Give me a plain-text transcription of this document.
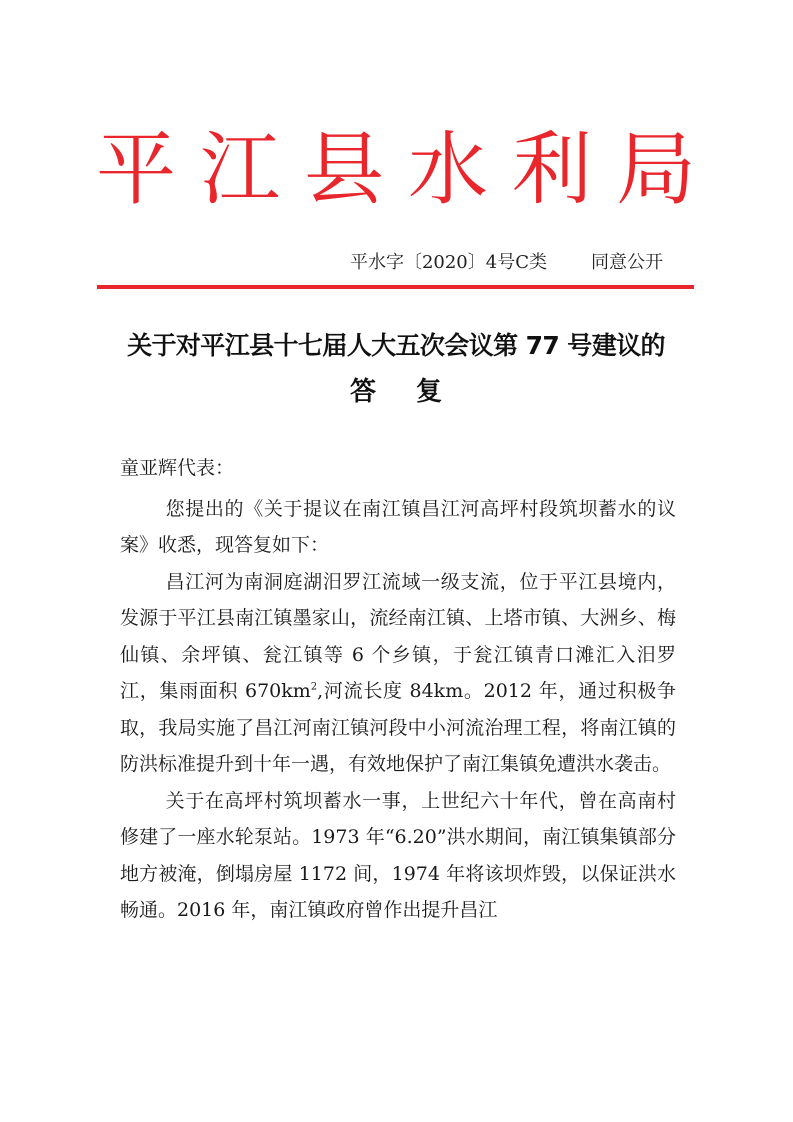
平 江 县 水 利 局
平水字〔2020〕4号C类 同意公开
关于对平江县十七届人大五次会议第 77 号建议的
答 复

童亚辉代表：

您提出的《关于提议在南江镇昌江河高坪村段筑坝蓄水的议案》收悉，现答复如下：

昌江河为南洞庭湖汨罗江流域一级支流，位于平江县境内，发源于平江县南江镇墨家山，流经南江镇、上塔市镇、大洲乡、梅仙镇、余坪镇、瓮江镇等 6 个乡镇，于瓮江镇青口滩汇入汨罗江，集雨面积 $670km^2$,河流长度 84km。2012 年，通过积极争取，我局实施了昌江河南江镇河段中小河流治理工程，将南江镇的防洪标准提升到十年一遇，有效地保护了南江集镇免遭洪水袭击。

关于在高坪村筑坝蓄水一事，上世纪六十年代，曾在高南村修建了一座水轮泵站。1973 年“6.20”洪水期间，南江镇集镇部分地方被淹，倒塌房屋 1172 间，1974 年将该坝炸毁，以保证洪水畅通。2016 年，南江镇政府曾作出提升昌江
